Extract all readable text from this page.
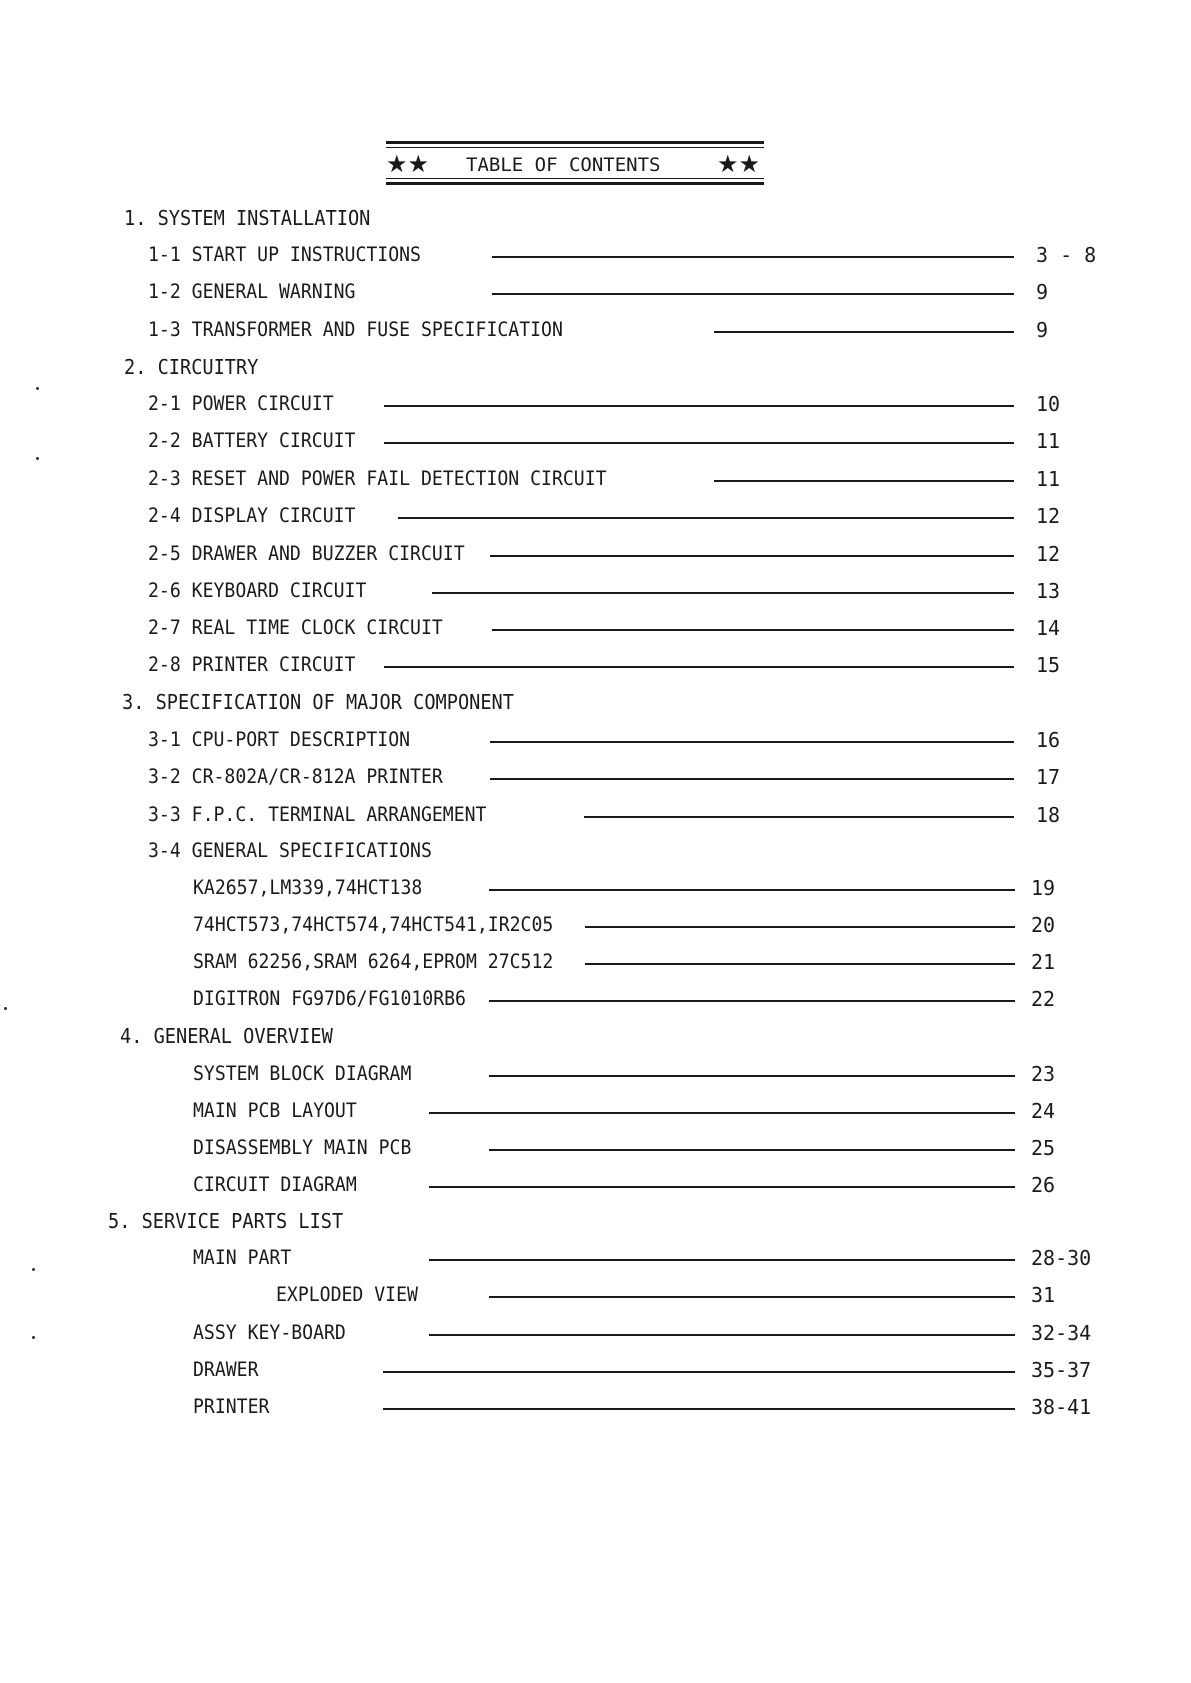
★★ TABLE OF CONTENTS ★★
1. SYSTEM INSTALLATION
1-1 START UP INSTRUCTIONS	3 - 8
1-2 GENERAL WARNING	9
1-3 TRANSFORMER AND FUSE SPECIFICATION	9
2. CIRCUITRY
2-1 POWER CIRCUIT	10
2-2 BATTERY CIRCUIT	11
2-3 RESET AND POWER FAIL DETECTION CIRCUIT	11
2-4 DISPLAY CIRCUIT	12
2-5 DRAWER AND BUZZER CIRCUIT	12
2-6 KEYBOARD CIRCUIT	13
2-7 REAL TIME CLOCK CIRCUIT	14
2-8 PRINTER CIRCUIT	15
3. SPECIFICATION OF MAJOR COMPONENT
3-1 CPU-PORT DESCRIPTION	16
3-2 CR-802A/CR-812A PRINTER	17
3-3 F.P.C. TERMINAL ARRANGEMENT	18
3-4 GENERAL SPECIFICATIONS
KA2657,LM339,74HCT138	19
74HCT573,74HCT574,74HCT541,IR2C05	20
SRAM 62256,SRAM 6264,EPROM 27C512	21
DIGITRON FG97D6/FG1010RB6	22
4. GENERAL OVERVIEW
SYSTEM BLOCK DIAGRAM	23
MAIN PCB LAYOUT	24
DISASSEMBLY MAIN PCB	25
CIRCUIT DIAGRAM	26
5. SERVICE PARTS LIST
MAIN PART	28-30
EXPLODED VIEW	31
ASSY KEY-BOARD	32-34
DRAWER	35-37
PRINTER	38-41
